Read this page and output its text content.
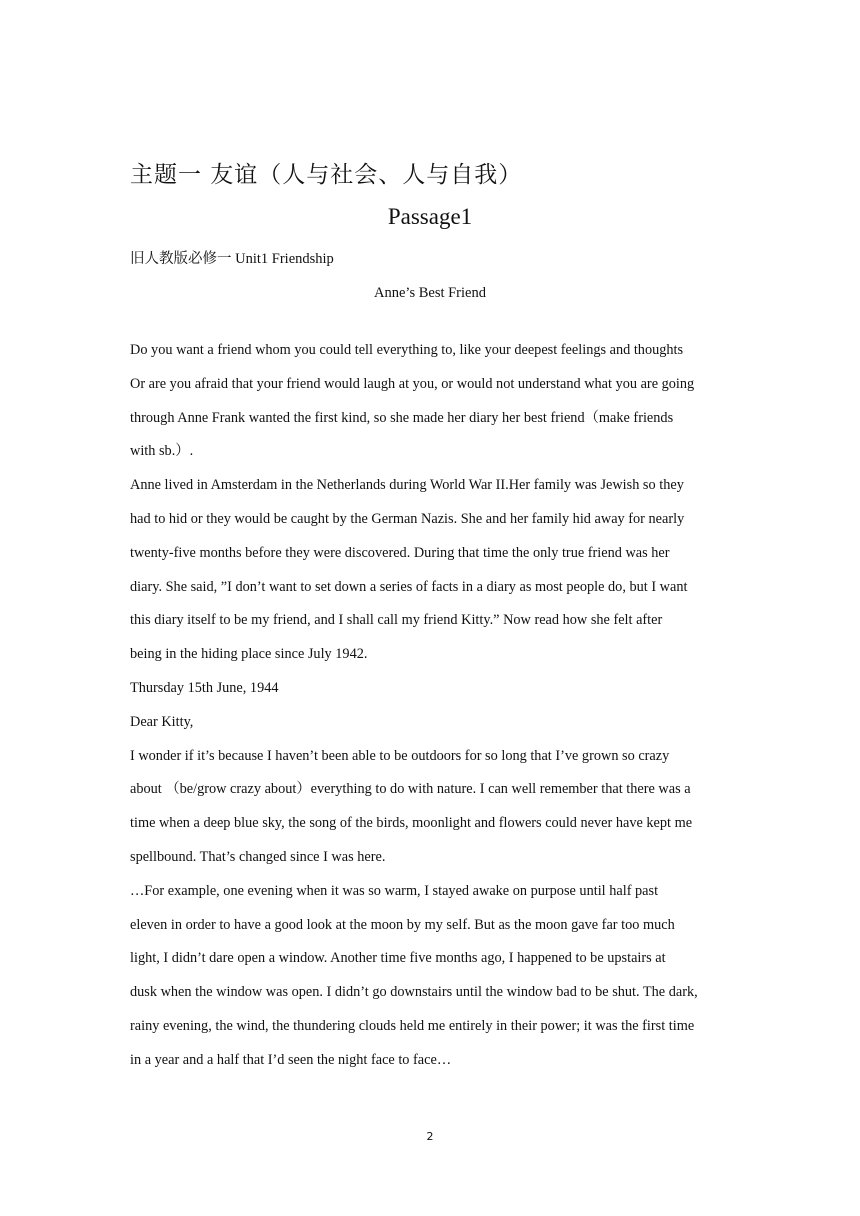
主题一 友谊（人与社会、人与自我）
Passage1
旧人教版必修一 Unit1 Friendship
Anne’s Best Friend
Do you want a friend whom you could tell everything to, like your deepest feelings and thoughts
Or are you afraid that your friend would laugh at you, or would not understand what you are going
through Anne Frank wanted the first kind, so she made her diary her best friend（make friends
with sb.）.
Anne lived in Amsterdam in the Netherlands during World War II.Her family was Jewish so they
had to hid or they would be caught by the German Nazis. She and her family hid away for nearly
twenty-five months before they were discovered. During that time the only true friend was her
diary. She said, ”I don’t want to set down a series of facts in a diary as most people do, but I want
this diary itself to be my friend, and I shall call my friend Kitty.” Now read how she felt after
being in the hiding place since July 1942.
Thursday 15th June, 1944
Dear Kitty,
I wonder if it’s because I haven’t been able to be outdoors for so long that I’ve grown so crazy
about （be/grow crazy about）everything to do with nature. I can well remember that there was a
time when a deep blue sky, the song of the birds, moonlight and flowers could never have kept me
spellbound. That’s changed since I was here.
…For example, one evening when it was so warm, I stayed awake on purpose until half past
eleven in order to have a good look at the moon by my self. But as the moon gave far too much
light, I didn’t dare open a window. Another time five months ago, I happened to be upstairs at
dusk when the window was open. I didn’t go downstairs until the window bad to be shut. The dark,
rainy evening, the wind, the thundering clouds held me entirely in their power; it was the first time
in a year and a half that I’d seen the night face to face…
2
